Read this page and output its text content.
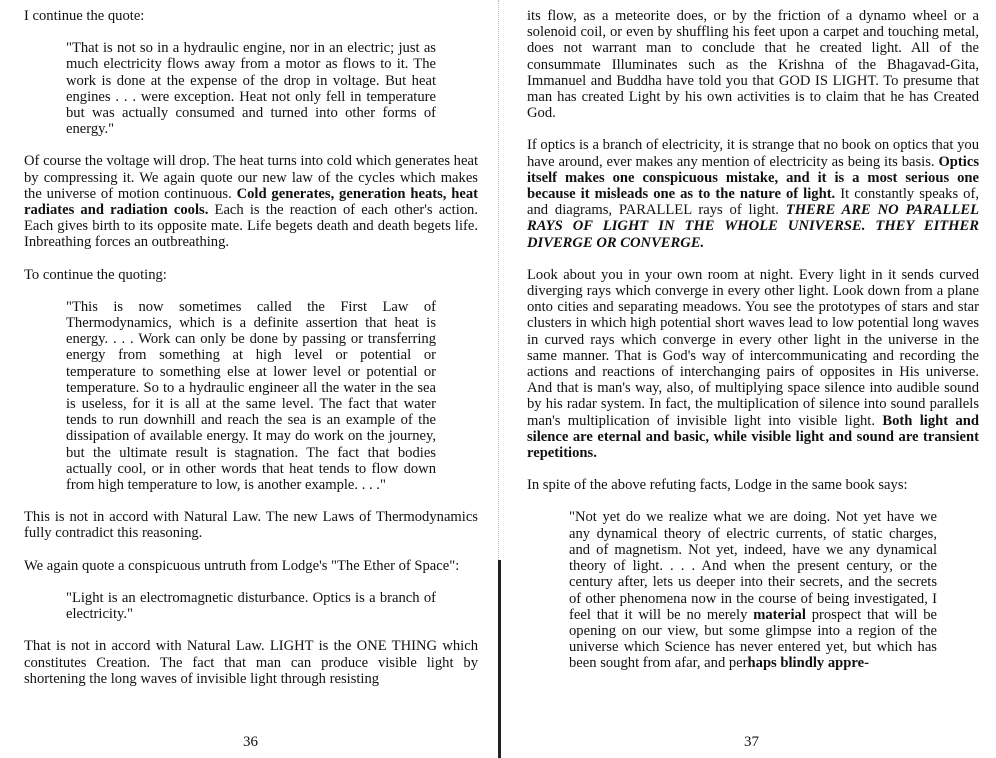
I continue the quote:

"That is not so in a hydraulic engine, nor in an electric; just as much electricity flows away from a motor as flows to it. The work is done at the expense of the drop in voltage. But heat engines . . . were exception. Heat not only fell in temperature but was actually consumed and turned into other forms of energy."

Of course the voltage will drop. The heat turns into cold which generates heat by compressing it. We again quote our new law of the cycles which makes the universe of motion continuous. Cold generates, generation heats, heat radiates and radiation cools. Each is the reaction of each other's action. Each gives birth to its opposite mate. Life begets death and death begets life. Inbreathing forces an outbreathing.

To continue the quoting:

"This is now sometimes called the First Law of Thermodynamics, which is a definite assertion that heat is energy. . . . Work can only be done by passing or transferring energy from something at high level or potential or temperature to something else at lower level or potential or temperature. So to a hydraulic engineer all the water in the sea is useless, for it is all at the same level. The fact that water tends to run downhill and reach the sea is an example of the dissipation of available energy. It may do work on the journey, but the ultimate result is stagnation. The fact that bodies actually cool, or in other words that heat tends to flow down from high temperature to low, is another example. . . ."

This is not in accord with Natural Law. The new Laws of Thermodynamics fully contradict this reasoning.

We again quote a conspicuous untruth from Lodge's "The Ether of Space":

"Light is an electromagnetic disturbance. Optics is a branch of electricity."

That is not in accord with Natural Law. LIGHT is the ONE THING which constitutes Creation. The fact that man can produce visible light by shortening the long waves of invisible light through resisting

36

its flow, as a meteorite does, or by the friction of a dynamo wheel or a solenoid coil, or even by shuffling his feet upon a carpet and touching metal, does not warrant man to conclude that he created light. All of the consummate Illuminates such as the Krishna of the Bhagavad-Gita, Immanuel and Buddha have told you that GOD IS LIGHT. To presume that man has created Light by his own activities is to claim that he has Created God.

If optics is a branch of electricity, it is strange that no book on optics that you have around, ever makes any mention of electricity as being its basis. Optics itself makes one conspicuous mistake, and it is a most serious one because it misleads one as to the nature of light. It constantly speaks of, and diagrams, PARALLEL rays of light. THERE ARE NO PARALLEL RAYS OF LIGHT IN THE WHOLE UNIVERSE. THEY EITHER DIVERGE OR CONVERGE.

Look about you in your own room at night. Every light in it sends curved diverging rays which converge in every other light. Look down from a plane onto cities and separating meadows. You see the prototypes of stars and star clusters in which high potential short waves lead to low potential long waves in curved rays which converge in every other light in the universe in the same manner. That is God's way of intercommunicating and recording the actions and reactions of interchanging pairs of opposites in His universe. And that is man's way, also, of multiplying space silence into audible sound by his radar system. In fact, the multiplication of silence into sound parallels man's multiplication of invisible light into visible light. Both light and silence are eternal and basic, while visible light and sound are transient repetitions.

In spite of the above refuting facts, Lodge in the same book says:

"Not yet do we realize what we are doing. Not yet have we any dynamical theory of electric currents, of static charges, and of magnetism. Not yet, indeed, have we any dynamical theory of light. . . . And when the present century, or the century after, lets us deeper into their secrets, and the secrets of other phenomena now in the course of being investigated, I feel that it will be no merely material prospect that will be opening on our view, but some glimpse into a region of the universe which Science has never entered yet, but which has been sought from afar, and perhaps blindly appre-

37
